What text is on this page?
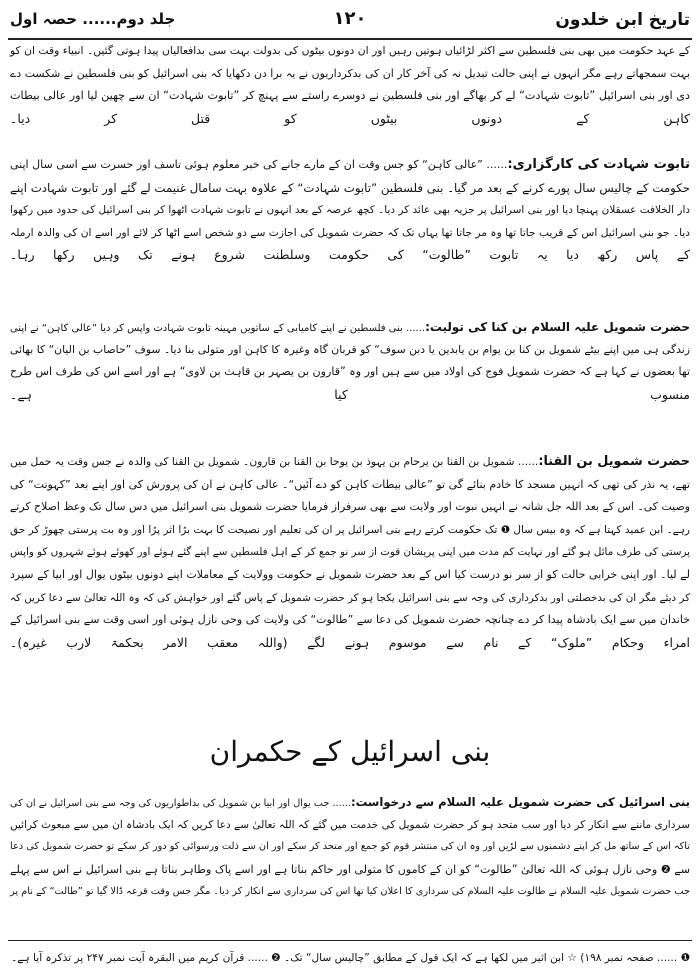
تاریخ ابن خلدون
۱۲۰
جلد دوم...... حصہ اول
کے عہد حکومت میں بھی بنی فلسطین سے اکثر لڑائیاں ہوتیں رہیں اور ان دونوں بیٹوں کی بدولت بہت سی بدافعالیاں پیدا ہوتی گئیں۔ انبیاء وقت ان کو
بہت سمجھاتے رہے مگر انہوں نے اپنی حالت تبدیل نہ کی آخر کار ان کی بدکرداریوں نے یہ برا دن دکھایا کہ بنی اسرائیل کو بنی فلسطین نے شکست دے
دی اور بنی اسرائیل ”تابوت شہادت“ لے کر بھاگے اور بنی فلسطین نے دوسرے راستے سے پہنچ کر ”تابوت شہادت“ ان سے چھین لیا اور عالی بیطات
کاہن کے دونوں بیٹوں کو قتل کر دیا۔
تابوت شہادت کی کارگزاری:...... ”عالی کاہن“ کو جس وقت ان کے مارے جانے کی خبر معلوم ہوئی تاسف اور حسرت سے اسی سال اپنی
حکومت کے چالیس سال پورے کرنے کے بعد مر گیا۔ بنی فلسطین ”تابوت شہادت“ کے علاوہ بہت سامال غنیمت لے گئے اور تابوت شہادت اپنے
دار الخلافت عسقلان پہنچا دیا اور بنی اسرائیل پر جزیہ بھی عائد کر دیا۔ کچھ عرصہ کے بعد انہوں نے تابوت شہادت اٹھوا کر بنی اسرائیل کی حدود میں رکھوا
دیا۔ جو بنی اسرائیل اس کے قریب جاتا تھا وہ مر جاتا تھا یہاں تک کہ حضرت شمویل کی اجازت سے دو شخص اسے اٹھا کر لائے اور اسے ان کی والدہ ارملہ
کے پاس رکھ دیا یہ تابوت ”طالوت“ کی حکومت وسلطنت شروع ہونے تک وہیں رکھا رہا۔
حضرت شمویل علیہ السلام بن کنا کی تولیت:...... بنی فلسطین نے اپنے کامیابی کے ساتویں مہینہ تابوت شہادت واپس کر دیا ”عالی کاہن“ نے اپنی
زندگی ہی میں اپنے بیٹے شمویل بن کنا بن یوام بن یابدین یا دبن سوف“ کو قربان گاہ وغیرہ کا کاہن اور متولی بنا دیا۔ سوف ”حاصاب بن الیان“ کا بھائی
تھا بعضوں نے کہا ہے کہ حضرت شمویل فوج کی اولاد میں سے ہیں اور وہ ”قارون بن یصہر بن قاہث بن لاوی“ ہے اور اسے اس کی طرف اس طرح
منسوب کیا ہے۔
حضرت شمویل بن القنا:...... شمویل بن القنا بن یرحام بن یہوذ بن یوحا بن القنا بن قارون۔ شمویل بن القنا کی والدہ نے جس وقت یہ حمل میں
تھے، یہ نذر کی تھی کہ انہیں مسجد کا خادم بنائے گی تو ”عالی بیطات کاہن کو دے آئیں“۔ عالی کاہن نے ان کی پرورش کی اور اپنے بعد ”کہونت“ کی
وصیت کی۔ اس کے بعد اللہ جل شانہ نے انہیں نبوت اور ولایت سے بھی سرفراز فرمایا حضرت شمویل بنی اسرائیل میں دس سال تک وعظ اصلاح کرتے
رہے۔ ابن عمید کہتا ہے کہ وہ بیس سال ❶ تک حکومت کرتے رہے بنی اسرائیل پر ان کی تعلیم اور نصیحت کا بہت بڑا اثر پڑا اور وہ بت پرستی چھوڑ کر حق
پرستی کی طرف مائل ہو گئے اور نہایت کم مدت میں اپنی پریشان قوت از سر نو جمع کر کے اہل فلسطین سے اپنے گئے ہوئے اور کھوئے ہوئے شہروں کو واپس
لے لیا۔ اور اپنی خرابی حالت کو از سر نو درست کیا اس کے بعد حضرت شمویل نے حکومت وولایت کے معاملات اپنے دونوں بیٹوں یوال اور ابیا کے سپرد
کر دیئے مگر ان کی بدخصلتی اور بدکرداری کی وجہ سے بنی اسرائیل یکجا ہو کر حضرت شمویل کے پاس گئے اور خواہش کی کہ وہ اللہ تعالیٰ سے دعا کریں کہ
خاندان میں سے ایک بادشاہ پیدا کر دے چنانچہ حضرت شمویل کی دعا سے ”طالوت“ کی ولایت کی وحی نازل ہوئی اور اسی وقت سے بنی اسرائیل کے
امراء وحکام ”ملوک“ کے نام سے موسوم ہونے لگے (واللہ معقب الامر بحکمۃ لارب غیرہ)۔
بنی اسرائیل کے حکمران
بنی اسرائیل کی حضرت شمویل علیہ السلام سے درخواست:...... جب یوال اور ابیا بن شمویل کی بداطواریوں کی وجہ سے بنی اسرائیل نے ان کی
سرداری ماننے سے انکار کر دیا اور سب متحد ہو کر حضرت شمویل کی خدمت میں گئے کہ اللہ تعالیٰ سے دعا کریں کہ ایک بادشاہ ان میں سے مبعوث کرائیں
تاکہ اس کے ساتھ مل کر اپنے دشمنوں سے لڑیں اور وہ ان کی منتشر قوم کو جمع اور متحد کر سکے اور ان سے ذلت ورسوائی کو دور کر سکے تو حضرت شمویل کی دعا
سے ❷ وحی نازل ہوئی کہ اللہ تعالیٰ ”طالوت“ کو ان کے کاموں کا متولی اور حاکم بناتا ہے اور اسے پاک وطاہر بناتا ہے بنی اسرائیل نے اس سے پہلے
جب حضرت شمویل علیہ السلام نے طالوت علیہ السلام کی سرداری کا اعلان کیا تھا اس کی سرداری سے انکار کر دیا۔ مگر جس وقت قرعہ ڈالا گیا تو ”طالت“ کے نام پر
❶ ...... صفحہ نمبر ۱۹۸) ☆ ابن اثیر میں لکھا ہے کہ ایک قول کے مطابق ”چالیس سال“ تک۔ ❷ ...... قرآن کریم میں البقرہ آیت نمبر ۲۴۷ پر تذکرہ آیا ہے۔
